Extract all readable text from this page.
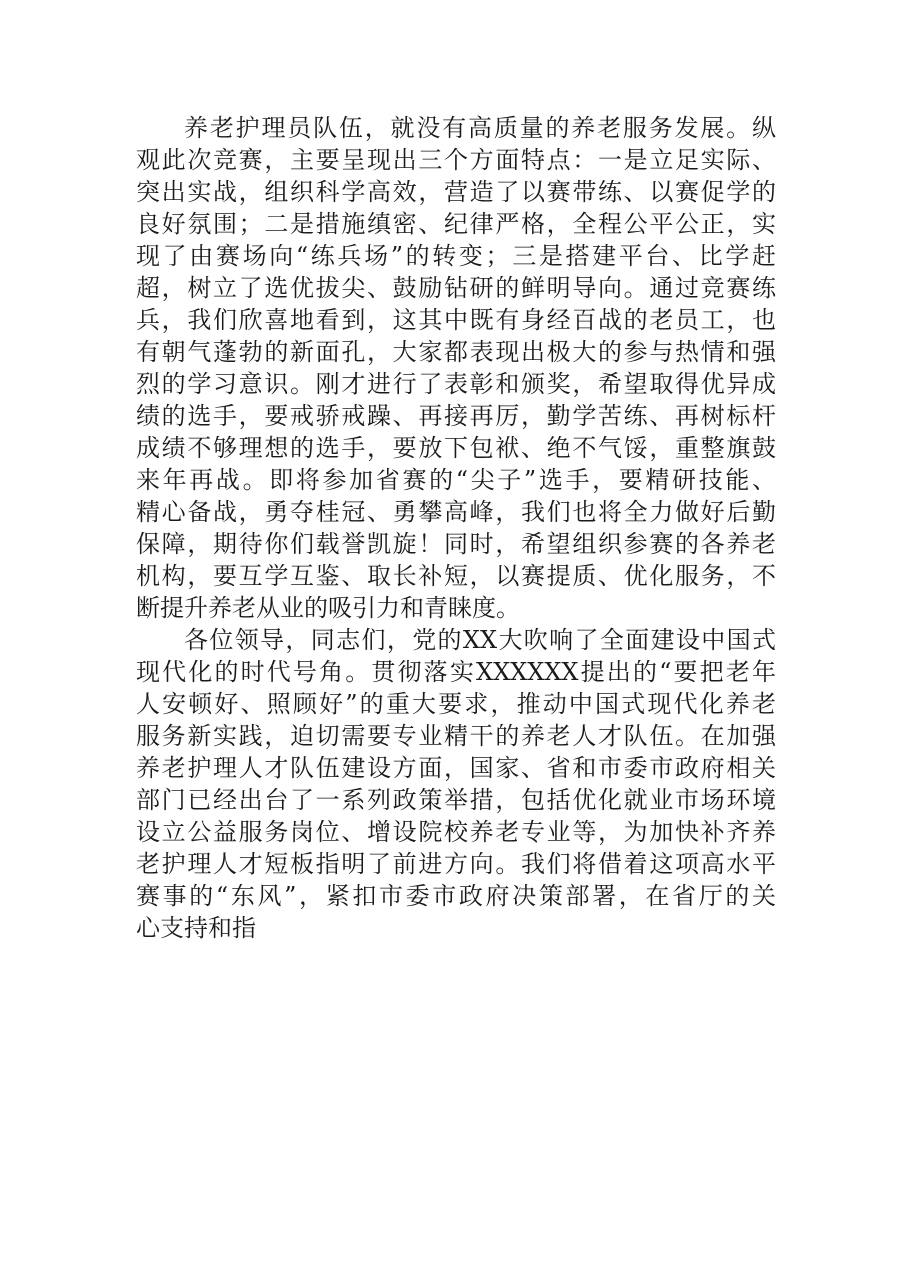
养老护理员队伍，就没有高质量的养老服务发展。纵
观此次竞赛，主要呈现出三个方面特点：一是立足实际、
突出实战，组织科学高效，营造了以赛带练、以赛促学的
良好氛围；二是措施缜密、纪律严格，全程公平公正，实
现了由赛场向“练兵场”的转变；三是搭建平台、比学赶
超，树立了选优拔尖、鼓励钻研的鲜明导向。通过竞赛练
兵，我们欣喜地看到，这其中既有身经百战的老员工，也
有朝气蓬勃的新面孔，大家都表现出极大的参与热情和强
烈的学习意识。刚才进行了表彰和颁奖，希望取得优异成
绩的选手，要戒骄戒躁、再接再厉，勤学苦练、再树标杆
成绩不够理想的选手，要放下包袱、绝不气馁，重整旗鼓
来年再战。即将参加省赛的“尖子”选手，要精研技能、
精心备战，勇夺桂冠、勇攀高峰，我们也将全力做好后勤
保障，期待你们载誉凯旋！同时，希望组织参赛的各养老
机构，要互学互鉴、取长补短，以赛提质、优化服务，不
断提升养老从业的吸引力和青睐度。
各位领导，同志们，党的XX大吹响了全面建设中国式
现代化的时代号角。贯彻落实XXXXXX提出的“要把老年
人安顿好、照顾好”的重大要求，推动中国式现代化养老
服务新实践，迫切需要专业精干的养老人才队伍。在加强
养老护理人才队伍建设方面，国家、省和市委市政府相关
部门已经出台了一系列政策举措，包括优化就业市场环境
设立公益服务岗位、增设院校养老专业等，为加快补齐养
老护理人才短板指明了前进方向。我们将借着这项高水平
赛事的“东风”，紧扣市委市政府决策部署，在省厅的关
心支持和指
